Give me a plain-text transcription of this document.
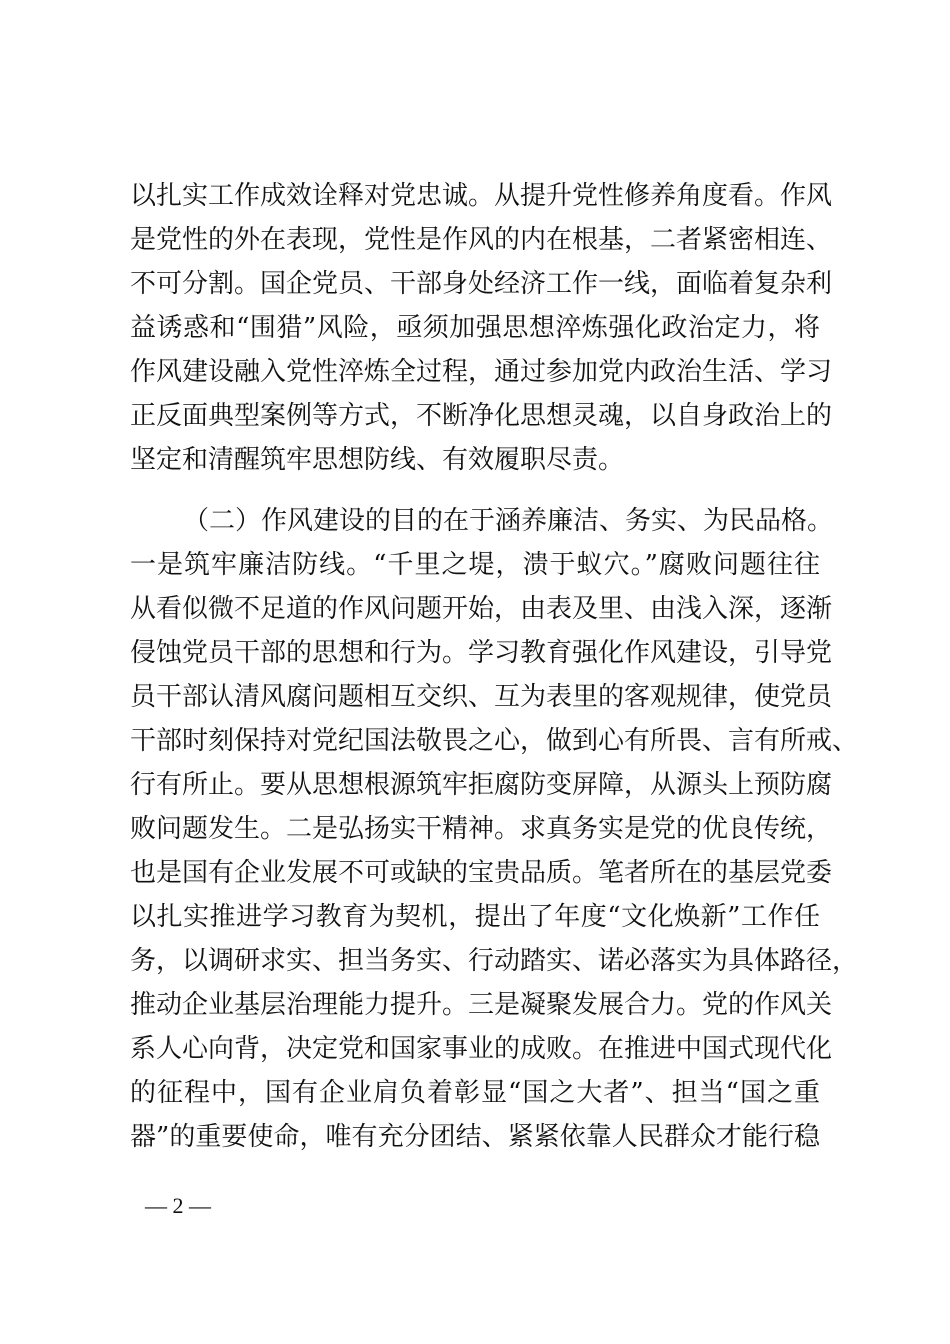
以扎实工作成效诠释对党忠诚。从提升党性修养角度看。作风
是党性的外在表现，党性是作风的内在根基，二者紧密相连、
不可分割。国企党员、干部身处经济工作一线，面临着复杂利
益诱惑和“围猎”风险，亟须加强思想淬炼强化政治定力，将
作风建设融入党性淬炼全过程，通过参加党内政治生活、学习
正反面典型案例等方式，不断净化思想灵魂，以自身政治上的
坚定和清醒筑牢思想防线、有效履职尽责。
（二）作风建设的目的在于涵养廉洁、务实、为民品格。
一是筑牢廉洁防线。“千里之堤，溃于蚁穴。”腐败问题往往
从看似微不足道的作风问题开始，由表及里、由浅入深，逐渐
侵蚀党员干部的思想和行为。学习教育强化作风建设，引导党
员干部认清风腐问题相互交织、互为表里的客观规律，使党员
干部时刻保持对党纪国法敬畏之心，做到心有所畏、言有所戒、
行有所止。要从思想根源筑牢拒腐防变屏障，从源头上预防腐
败问题发生。二是弘扬实干精神。求真务实是党的优良传统，
也是国有企业发展不可或缺的宝贵品质。笔者所在的基层党委
以扎实推进学习教育为契机，提出了年度“文化焕新”工作任
务，以调研求实、担当务实、行动踏实、诺必落实为具体路径，
推动企业基层治理能力提升。三是凝聚发展合力。党的作风关
系人心向背，决定党和国家事业的成败。在推进中国式现代化
的征程中，国有企业肩负着彰显“国之大者”、担当“国之重
器”的重要使命，唯有充分团结、紧紧依靠人民群众才能行稳
— 2 —
